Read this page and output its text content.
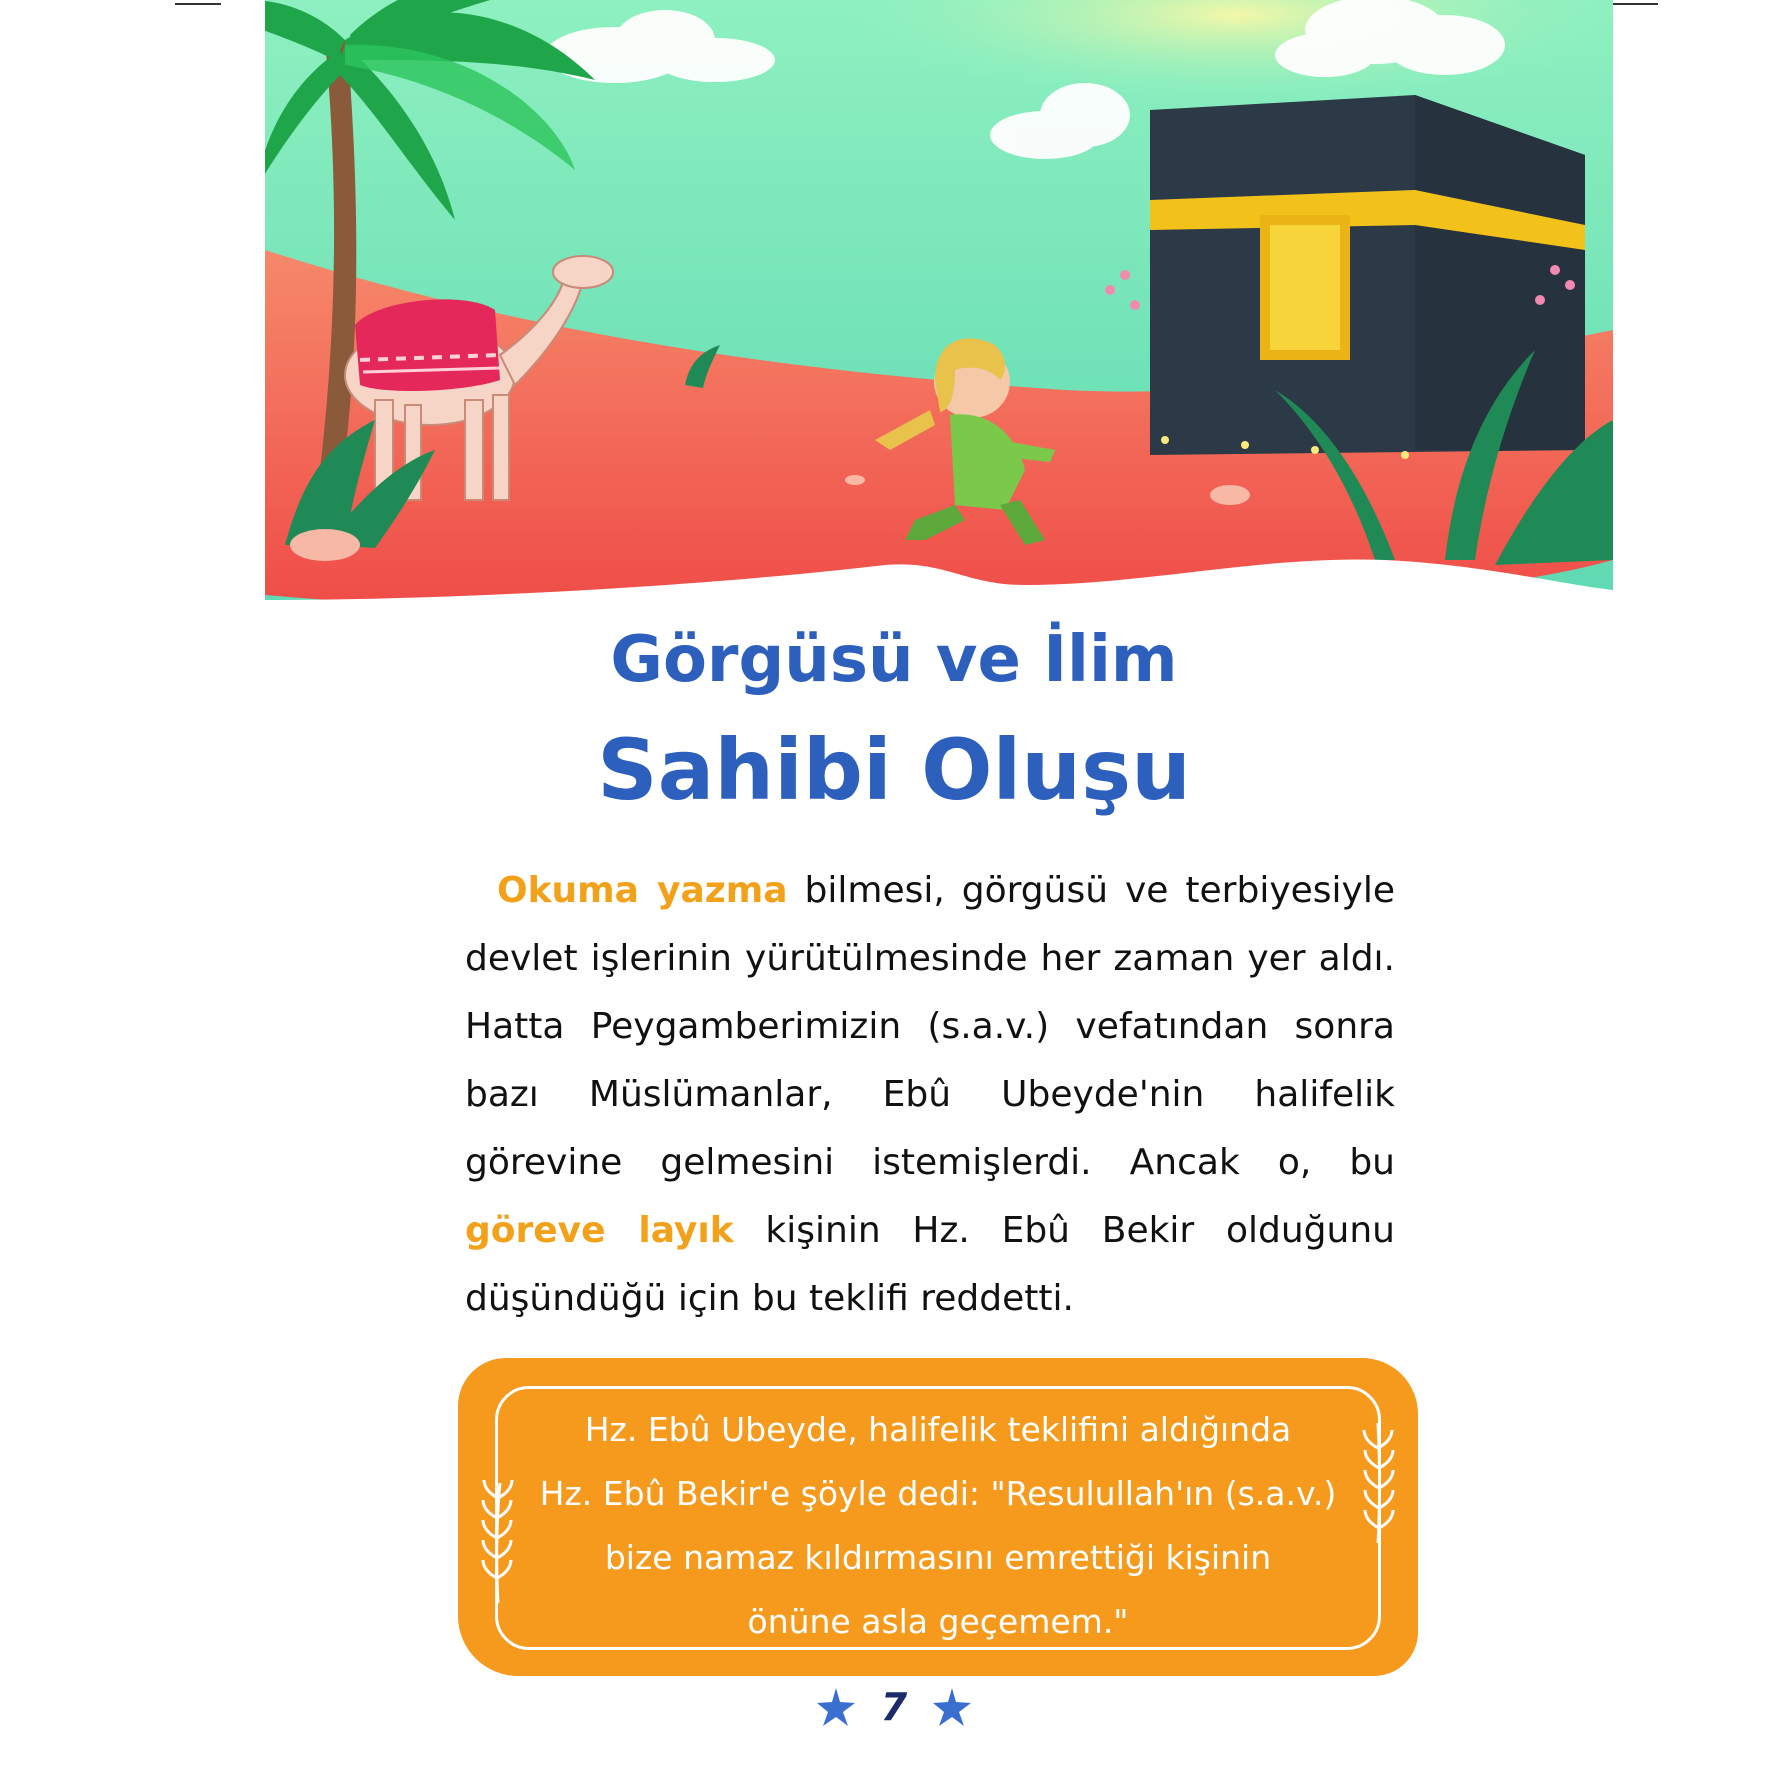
Görgüsü ve İlim
Sahibi Oluşu

Okuma yazma bilmesi, görgüsü ve terbiyesiyle devlet işlerinin yürütülmesinde her zaman yer aldı. Hatta Peygamberimizin (s.a.v.) vefatından sonra bazı Müslümanlar, Ebû Ubeyde'nin halifelik görevine gelmesini istemişlerdi. Ancak o, bu göreve layık kişinin Hz. Ebû Bekir olduğunu düşündüğü için bu teklifi reddetti.

Hz. Ebû Ubeyde, halifelik teklifini aldığında
Hz. Ebû Bekir'e şöyle dedi: "Resulullah'ın (s.a.v.)
bize namaz kıldırmasını emrettiği kişinin
önüne asla geçemem."
7
